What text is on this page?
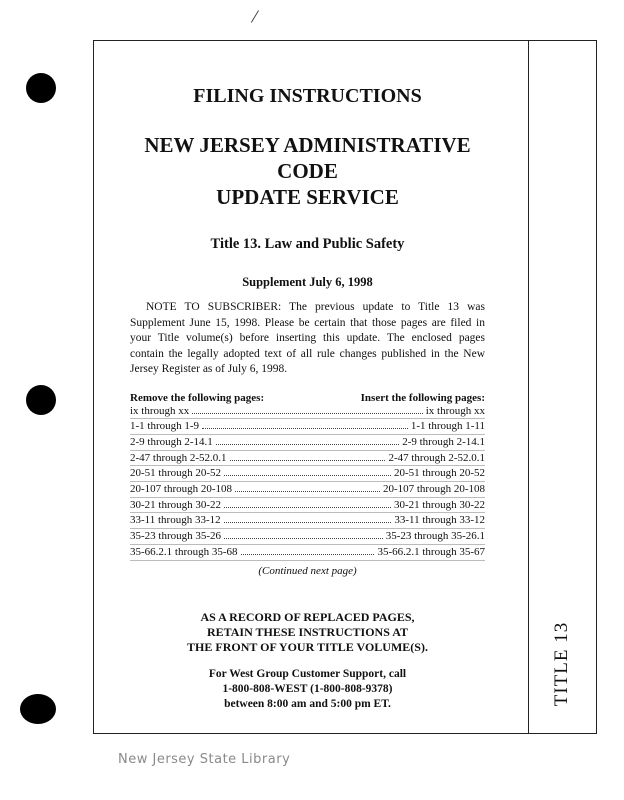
/
TITLE 13
FILING INSTRUCTIONS
NEW JERSEY ADMINISTRATIVE CODE
UPDATE SERVICE
Title 13. Law and Public Safety
Supplement July 6, 1998
NOTE TO SUBSCRIBER: The previous update to Title 13 was Supplement June 15, 1998. Please be certain that those pages are filed in your Title volume(s) before inserting this update. The enclosed pages contain the legally adopted text of all rule changes published in the New Jersey Register as of July 6, 1998.
Remove the following pages:	Insert the following pages:
ix through xx	ix through xx
1-1 through 1-9	1-1 through 1-11
2-9 through 2-14.1	2-9 through 2-14.1
2-47 through 2-52.0.1	2-47 through 2-52.0.1
20-51 through 20-52	20-51 through 20-52
20-107 through 20-108	20-107 through 20-108
30-21 through 30-22	30-21 through 30-22
33-11 through 33-12	33-11 through 33-12
35-23 through 35-26	35-23 through 35-26.1
35-66.2.1 through 35-68	35-66.2.1 through 35-67
(Continued next page)
AS A RECORD OF REPLACED PAGES,
RETAIN THESE INSTRUCTIONS AT
THE FRONT OF YOUR TITLE VOLUME(S).
For West Group Customer Support, call
1-800-808-WEST (1-800-808-9378)
between 8:00 am and 5:00 pm ET.
New Jersey State Library
